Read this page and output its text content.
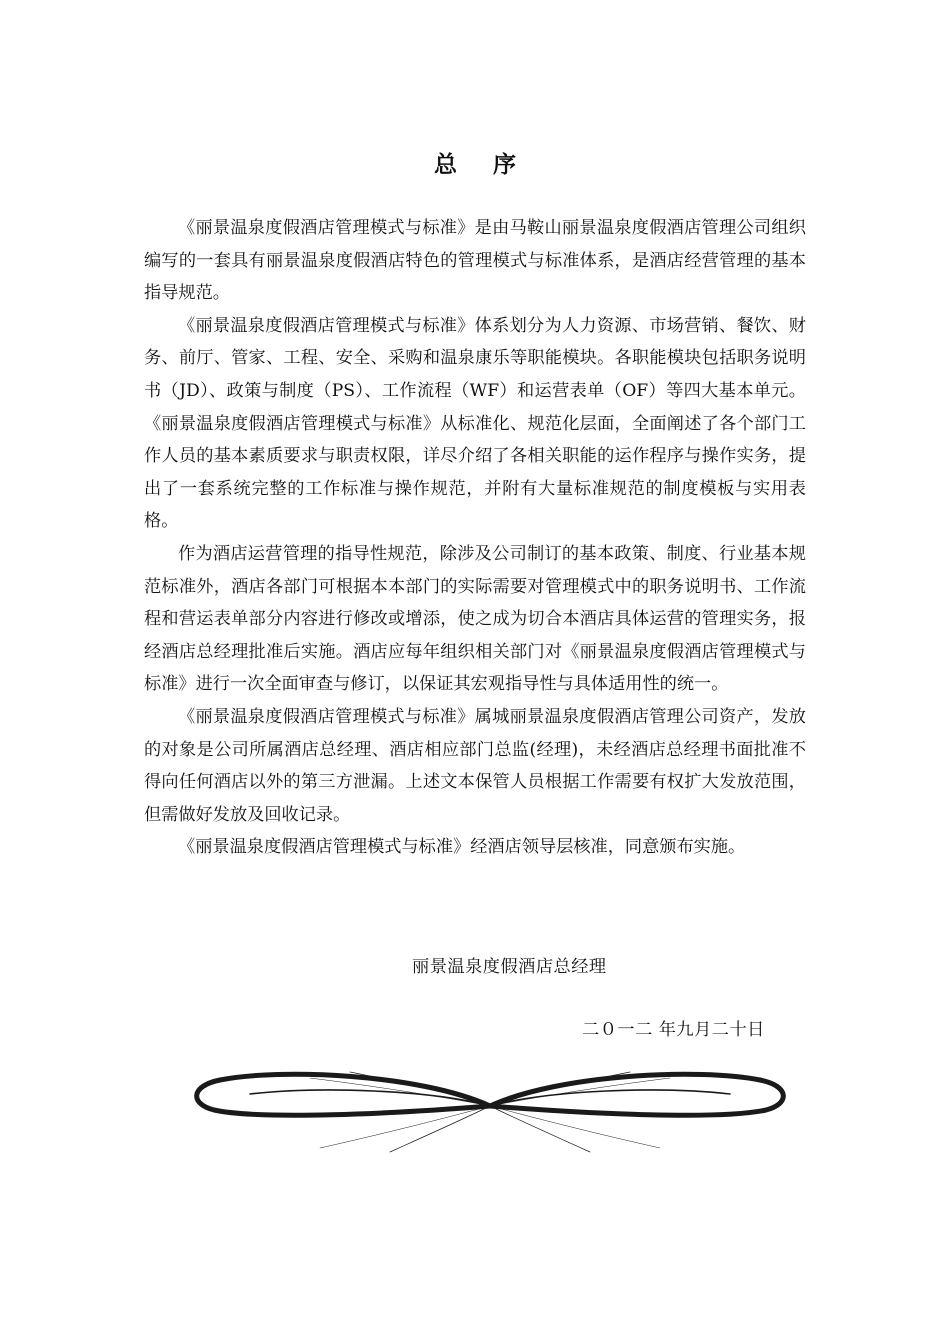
总 序

《丽景温泉度假酒店管理模式与标准》是由马鞍山丽景温泉度假酒店管理公司组织编写的一套具有丽景温泉度假酒店特色的管理模式与标准体系，是酒店经营管理的基本指导规范。

《丽景温泉度假酒店管理模式与标准》体系划分为人力资源、市场营销、餐饮、财务、前厅、管家、工程、安全、采购和温泉康乐等职能模块。各职能模块包括职务说明书（JD）、政策与制度（PS）、工作流程（WF）和运营表单（OF）等四大基本单元。《丽景温泉度假酒店管理模式与标准》从标准化、规范化层面，全面阐述了各个部门工作人员的基本素质要求与职责权限，详尽介绍了各相关职能的运作程序与操作实务，提出了一套系统完整的工作标准与操作规范，并附有大量标准规范的制度模板与实用表格。

作为酒店运营管理的指导性规范，除涉及公司制订的基本政策、制度、行业基本规范标准外，酒店各部门可根据本本部门的实际需要对管理模式中的职务说明书、工作流程和营运表单部分内容进行修改或增添，使之成为切合本酒店具体运营的管理实务，报经酒店总经理批准后实施。酒店应每年组织相关部门对《丽景温泉度假酒店管理模式与标准》进行一次全面审查与修订，以保证其宏观指导性与具体适用性的统一。

《丽景温泉度假酒店管理模式与标准》属城丽景温泉度假酒店管理公司资产，发放的对象是公司所属酒店总经理、酒店相应部门总监(经理)，未经酒店总经理书面批准不得向任何酒店以外的第三方泄漏。上述文本保管人员根据工作需要有权扩大发放范围，但需做好发放及回收记录。

《丽景温泉度假酒店管理模式与标准》经酒店领导层核准，同意颁布实施。

丽景温泉度假酒店总经理
二０一二 年九月二十日
